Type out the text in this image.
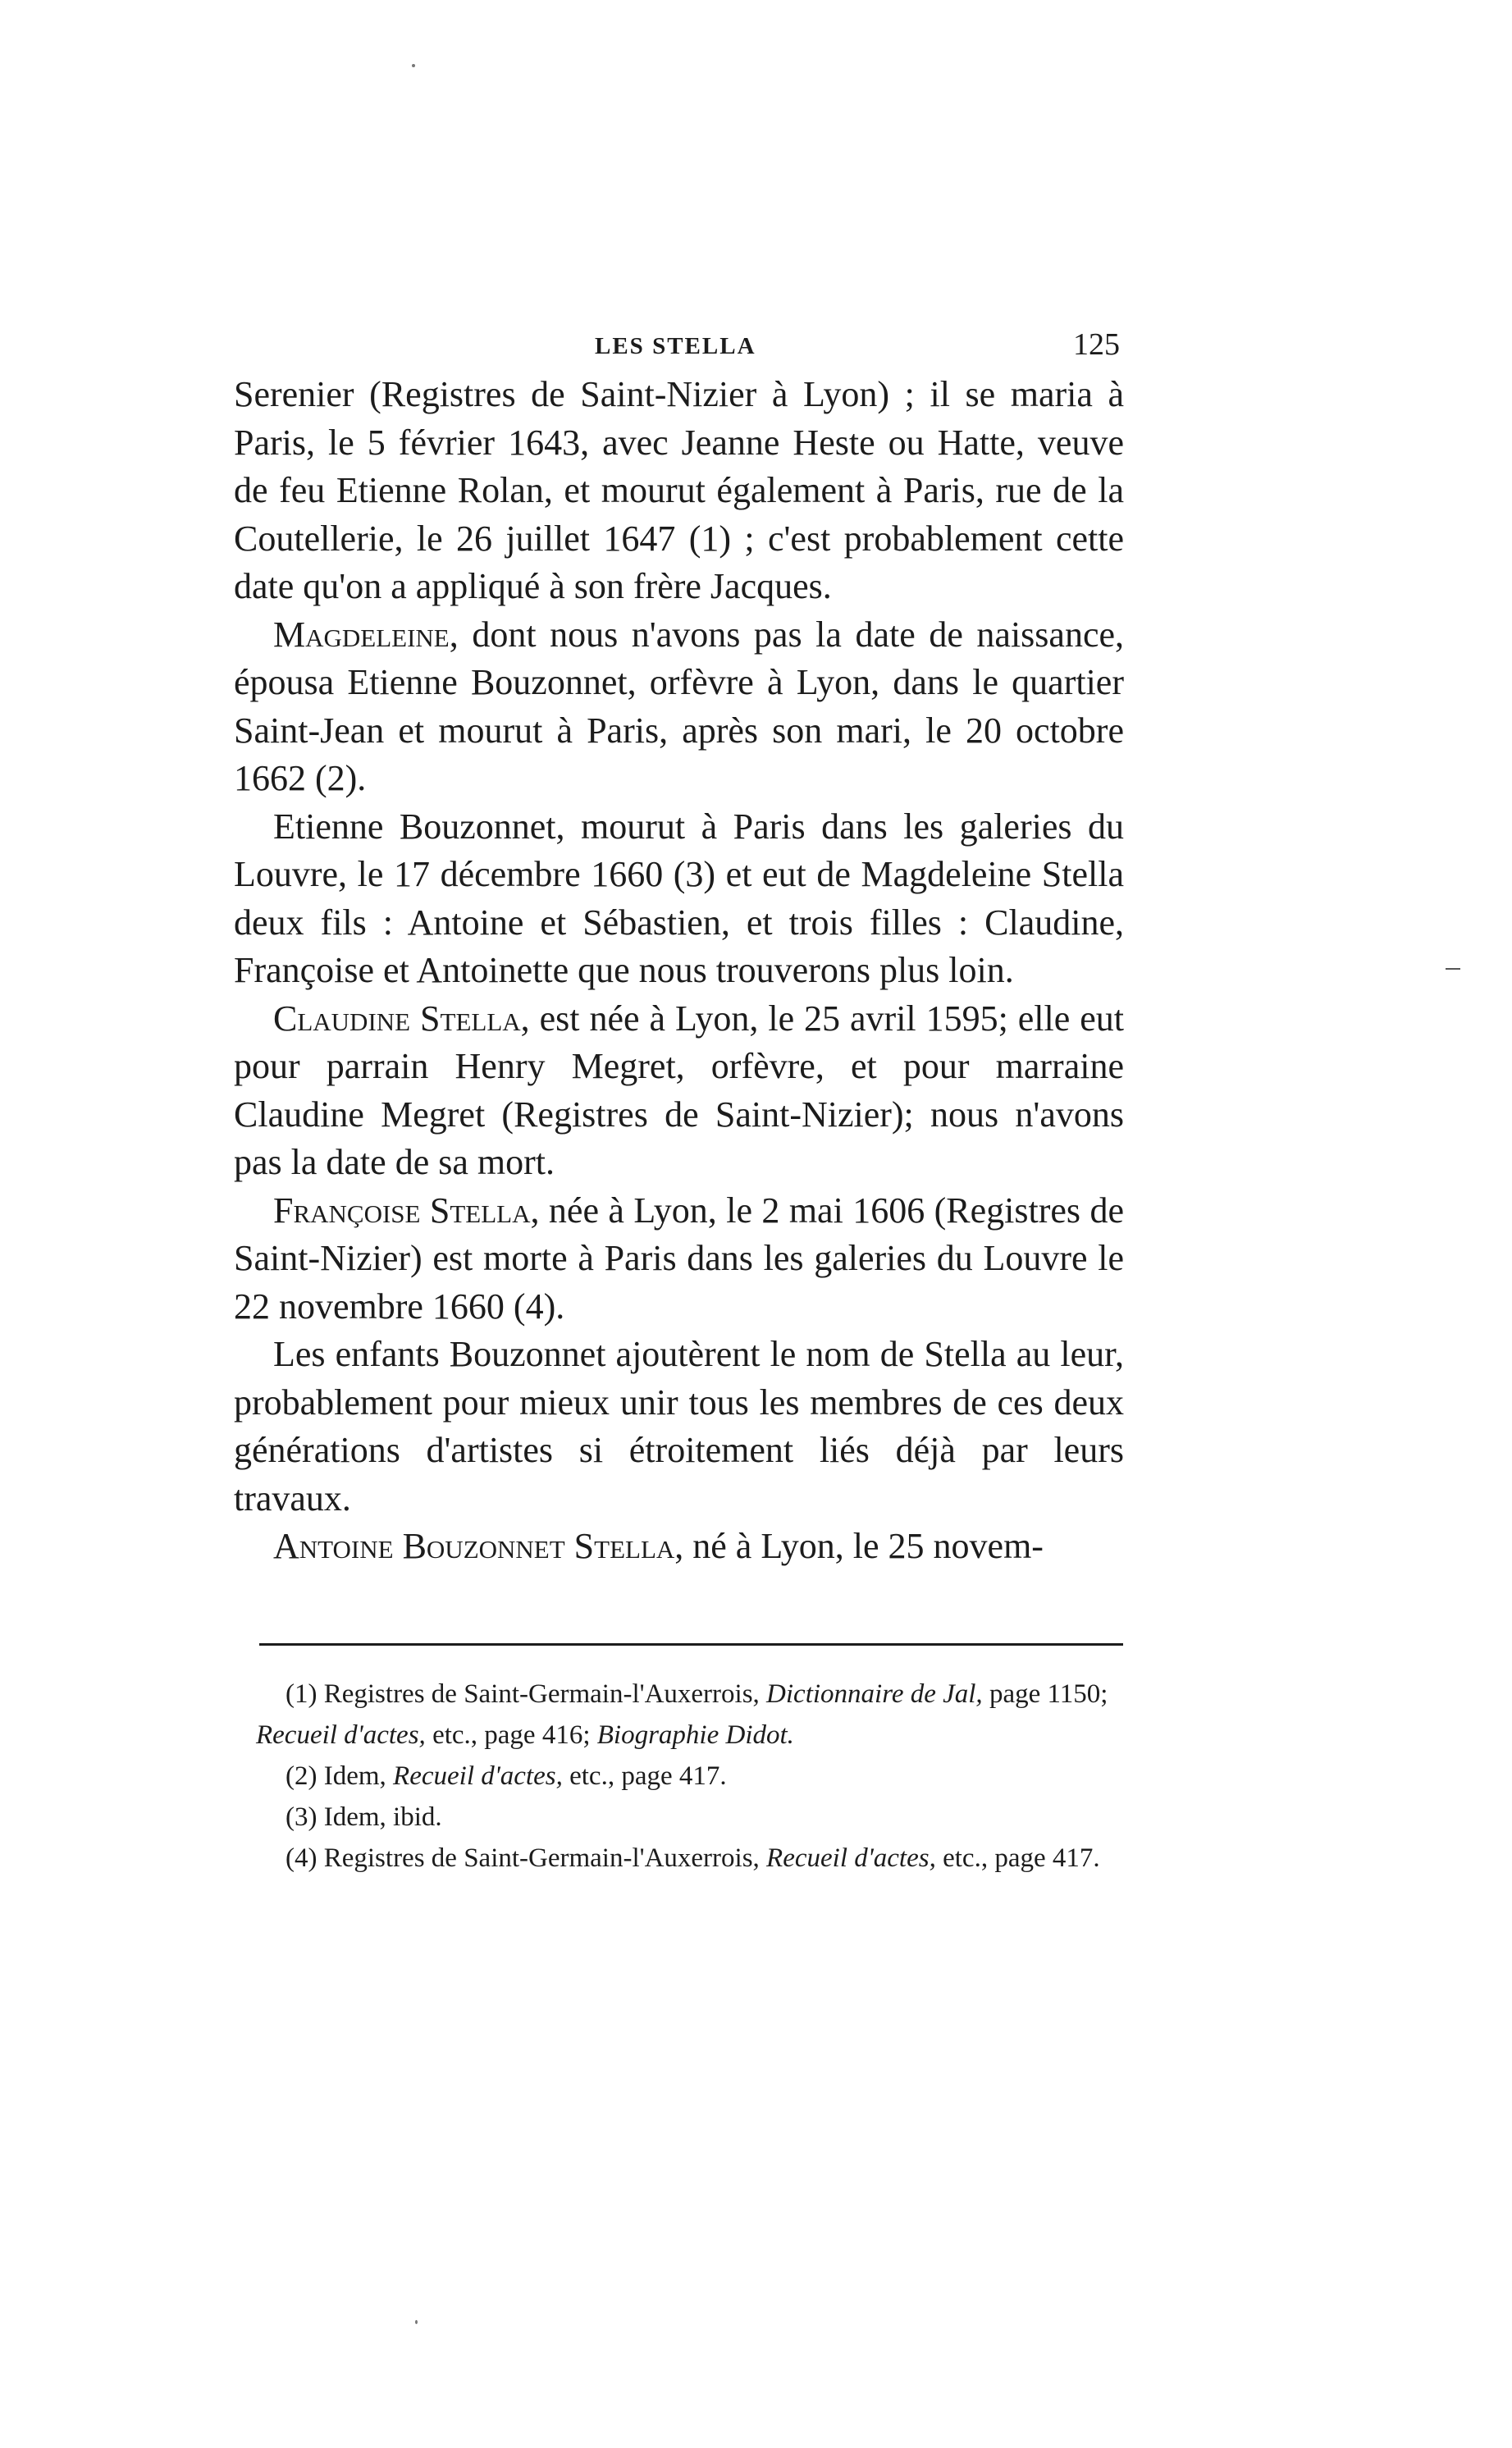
LES STELLA	125

Serenier (Registres de Saint-Nizier à Lyon) ; il se maria à Paris, le 5 février 1643, avec Jeanne Heste ou Hatte, veuve de feu Etienne Rolan, et mourut également à Paris, rue de la Coutellerie, le 26 juillet 1647 (1) ; c'est probablement cette date qu'on a appliqué à son frère Jacques.

Magdeleine, dont nous n'avons pas la date de naissance, épousa Etienne Bouzonnet, orfèvre à Lyon, dans le quartier Saint-Jean et mourut à Paris, après son mari, le 20 octobre 1662 (2).

Etienne Bouzonnet, mourut à Paris dans les galeries du Louvre, le 17 décembre 1660 (3) et eut de Magdeleine Stella deux fils : Antoine et Sébastien, et trois filles : Claudine, Françoise et Antoinette que nous trouverons plus loin.

Claudine Stella, est née à Lyon, le 25 avril 1595; elle eut pour parrain Henry Megret, orfèvre, et pour marraine Claudine Megret (Registres de Saint-Nizier); nous n'avons pas la date de sa mort.

Françoise Stella, née à Lyon, le 2 mai 1606 (Registres de Saint-Nizier) est morte à Paris dans les galeries du Louvre le 22 novembre 1660 (4).

Les enfants Bouzonnet ajoutèrent le nom de Stella au leur, probablement pour mieux unir tous les membres de ces deux générations d'artistes si étroitement liés déjà par leurs travaux.

Antoine Bouzonnet Stella, né à Lyon, le 25 novem-

(1) Registres de Saint-Germain-l'Auxerrois, Dictionnaire de Jal, page 1150; Recueil d'actes, etc., page 416; Biographie Didot.

(2) Idem, Recueil d'actes, etc., page 417.

(3) Idem, ibid.

(4) Registres de Saint-Germain-l'Auxerrois, Recueil d'actes, etc., page 417.
